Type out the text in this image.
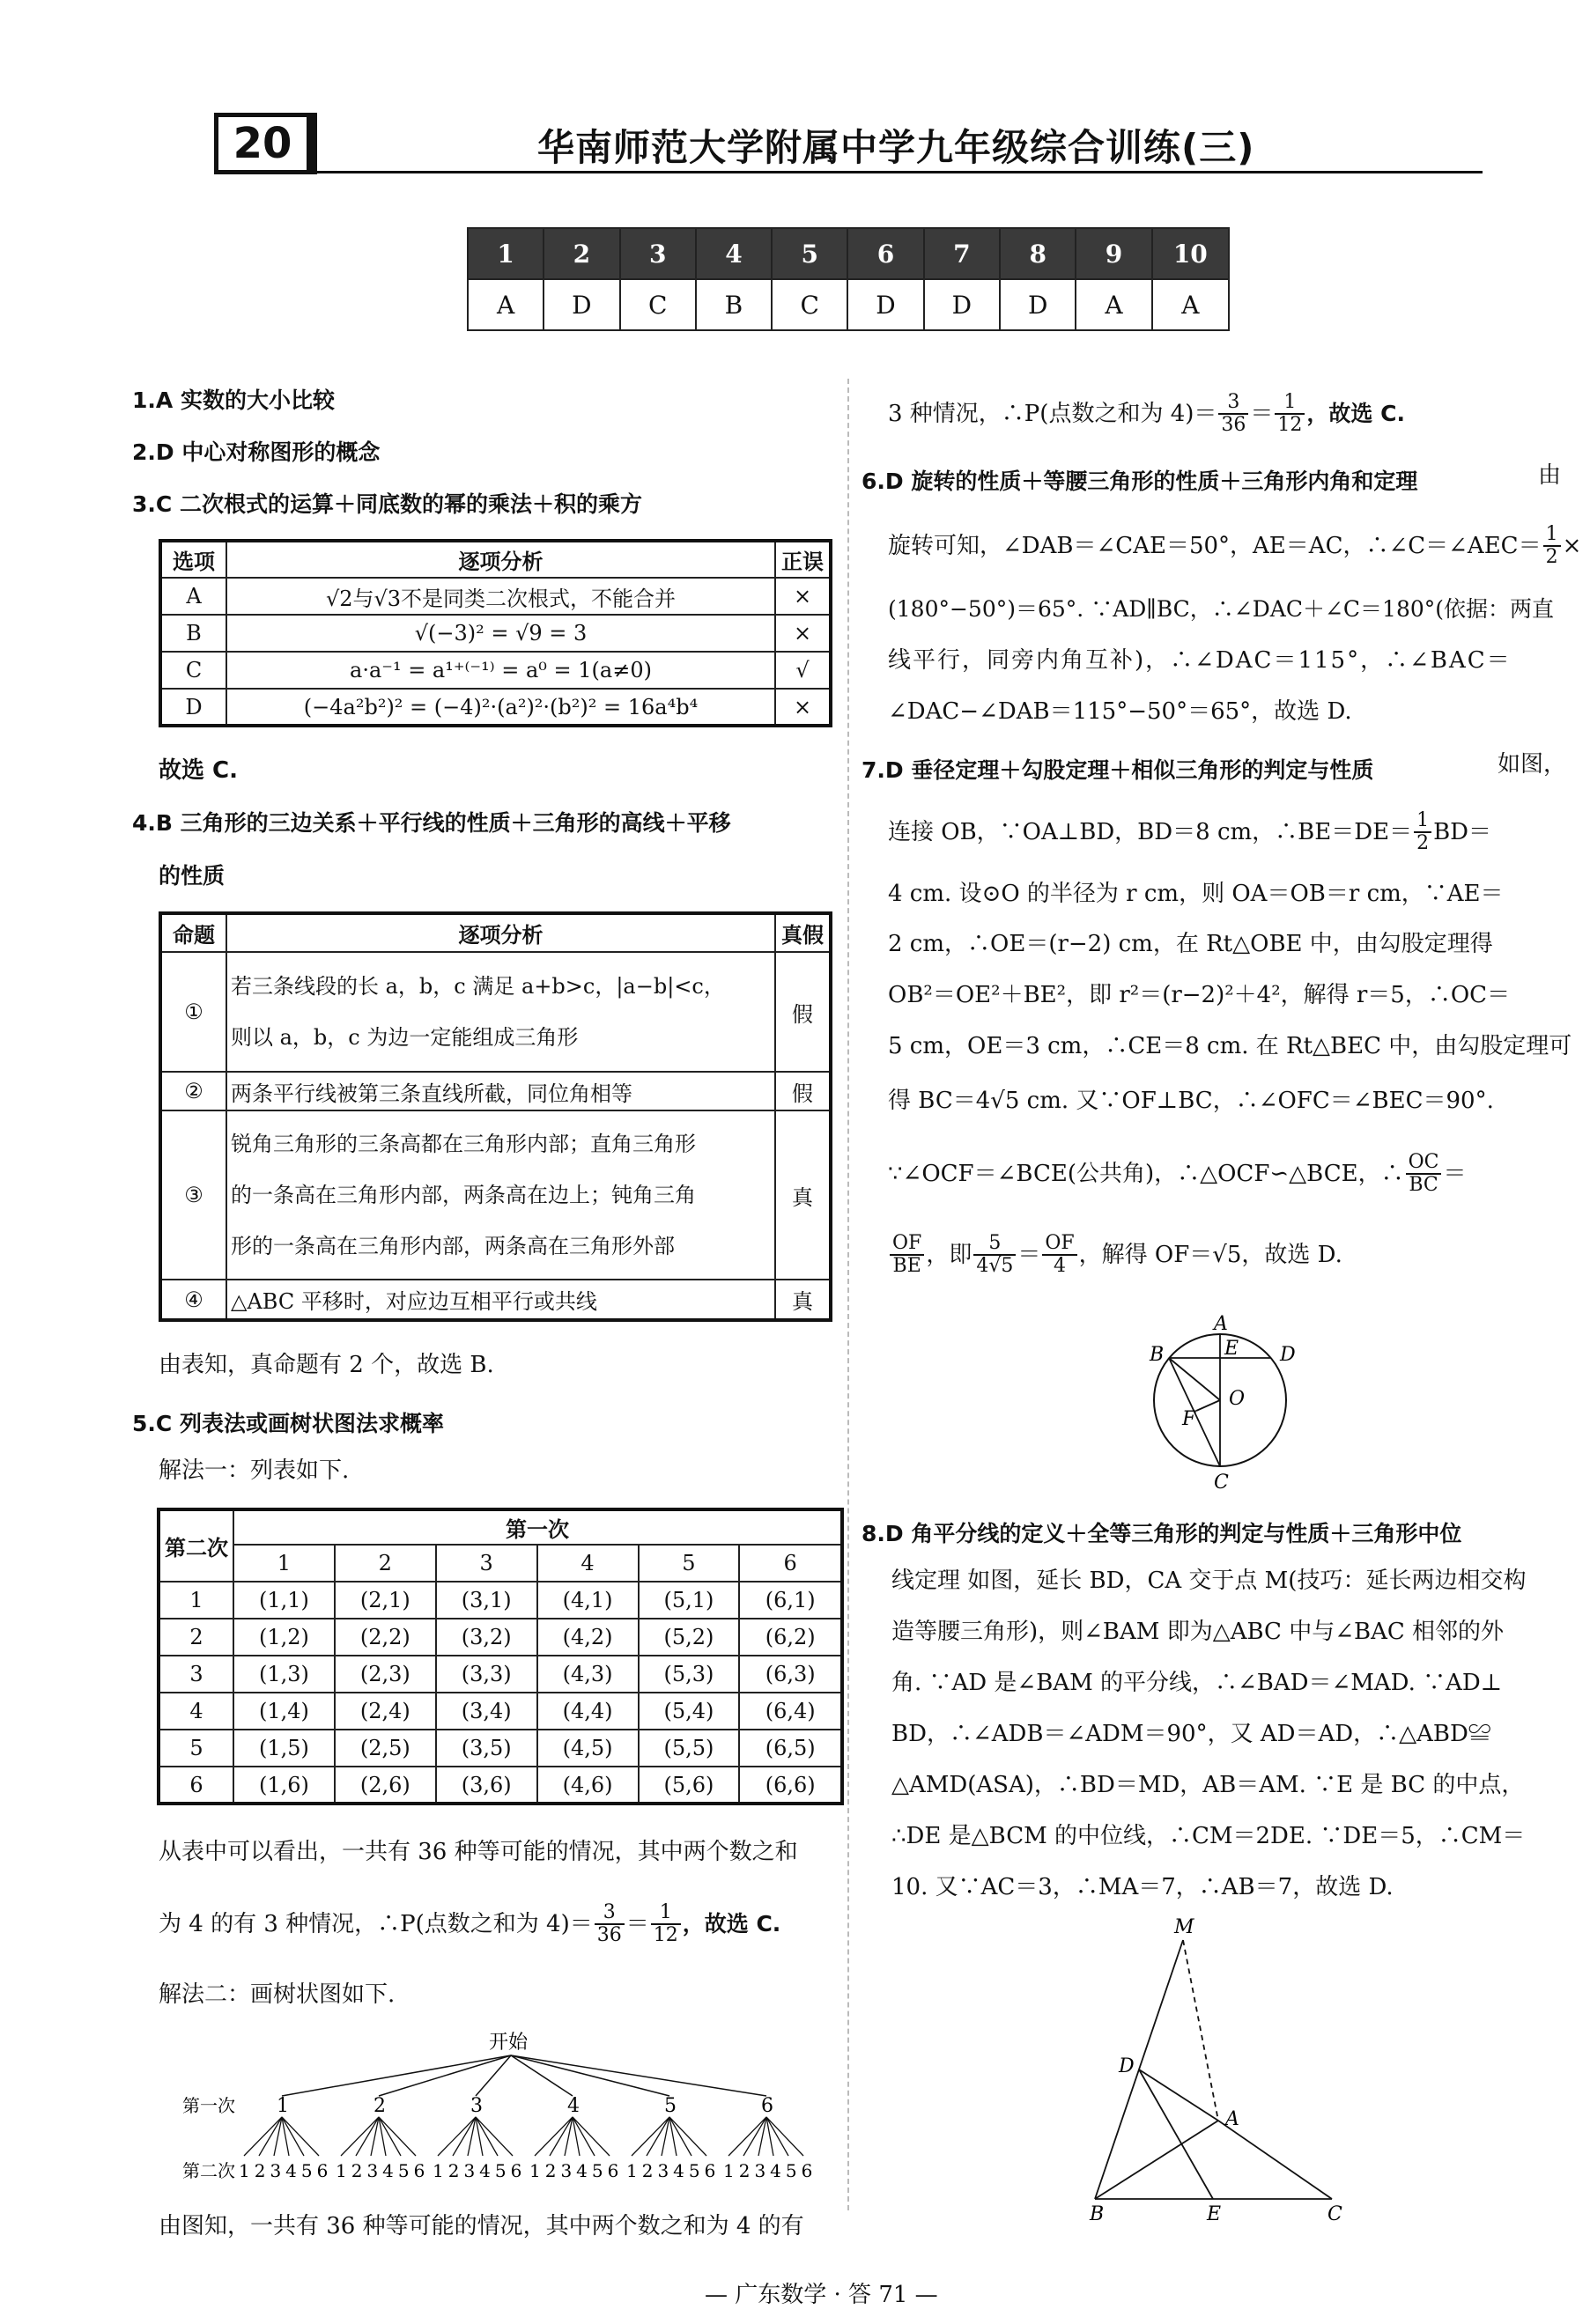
20	华南师范大学附属中学九年级综合训练(三)
1	2	3	4	5	6	7	8	9	10
A	D	C	B	C	D	D	D	A	A
1.A 实数的大小比较
2.D 中心对称图形的概念
3.C 二次根式的运算＋同底数的幂的乘法＋积的乘方
选项	逐项分析	正误
A	√2与√3不是同类二次根式，不能合并	×
B	√(−3)² = √9 = 3	×
C	a·a⁻¹ = a¹⁺⁽⁻¹⁾ = a⁰ = 1(a≠0)	√
D	(−4a²b²)² = (−4)²·(a²)²·(b²)² = 16a⁴b⁴	×
故选 C.
4.B 三角形的三边关系＋平行线的性质＋三角形的高线＋平移
的性质
命题	逐项分析	真假
①	若三条线段的长 a，b，c 满足 a+b>c，|a−b|<c，
则以 a，b，c 为边一定能组成三角形	假
②	两条平行线被第三条直线所截，同位角相等	假
③	锐角三角形的三条高都在三角形内部；直角三角形
的一条高在三角形内部，两条高在边上；钝角三角
形的一条高在三角形内部，两条高在三角形外部	真
④	△ABC 平移时，对应边互相平行或共线	真
由表知，真命题有 2 个，故选 B.
5.C 列表法或画树状图法求概率
解法一：列表如下.
第二次	第一次					
	1	2	3	4	5	6
1	(1,1)	(2,1)	(3,1)	(4,1)	(5,1)	(6,1)
2	(1,2)	(2,2)	(3,2)	(4,2)	(5,2)	(6,2)
3	(1,3)	(2,3)	(3,3)	(4,3)	(5,3)	(6,3)
4	(1,4)	(2,4)	(3,4)	(4,4)	(5,4)	(6,4)
5	(1,5)	(2,5)	(3,5)	(4,5)	(5,5)	(6,5)
6	(1,6)	(2,6)	(3,6)	(4,6)	(5,6)	(6,6)
从表中可以看出，一共有 36 种等可能的情况，其中两个数之和
为 4 的有 3 种情况，∴P(点数之和为 $4)= \frac{3}{36} = \frac{1}{12}$ ，故选 C.
解法二：画树状图如下.
开始
第一次 1	2	3	4	5	6
第二次 123456 123456 123456 123456 123456 123456
由图知，一共有 36 种等可能的情况，其中两个数之和为 4 的有
3 种情况，∴P(点数之和为 $4)= \frac{3}{36} = \frac{1}{12}$ ，故选 C.
6.D 旋转的性质＋等腰三角形的性质＋三角形内角和定理	由
旋转可知，∠DAB＝∠CAE＝50°，AE＝AC，∴∠C＝∠AEC＝ $\frac{1}{2}$ ×
(180°−50°)＝65°. ∵AD∥BC，∴∠DAC＋∠C＝180°(依据：两直
线平行，同旁内角互补)，∴∠DAC＝115°，∴∠BAC＝
∠DAC−∠DAB＝115°−50°＝65°，故选 D.
7.D 垂径定理＋勾股定理＋相似三角形的判定与性质	如图，
连接 OB，∵OA⊥BD，BD＝8 cm，∴BE＝DE＝ $\frac{1}{2} BD=$
4 cm. 设⊙O 的半径为 r cm，则 OA＝OB＝r cm，∵AE＝
2 cm，∴OE＝(r−2) cm，在 Rt△OBE 中，由勾股定理得
OB²＝OE²＋BE²，即 r²＝(r−2)²＋4²，解得 r＝5，∴OC＝
5 cm，OE＝3 cm，∴CE＝8 cm. 在 Rt△BEC 中，由勾股定理可
得 BC＝4√5 cm. 又∵OF⊥BC，∴∠OFC＝∠BEC＝90°.
∵∠OCF＝∠BCE(公共角)，∴△OCF∽△BCE，∴ $\frac{OC}{BC}$ ＝
$\frac{OF}{BE}$ ，即 $\frac{5}{4√5} = \frac{OF}{4}$ ，解得 OF＝√5，故选 D.
A
B	E D
O
F
C
8.D 角平分线的定义＋全等三角形的判定与性质＋三角形中位
线定理 如图，延长 BD，CA 交于点 M(技巧：延长两边相交构
造等腰三角形)，则∠BAM 即为△ABC 中与∠BAC 相邻的外
角. ∵AD 是∠BAM 的平分线，∴∠BAD＝∠MAD. ∵AD⊥
BD，∴∠ADB＝∠ADM＝90°，又 AD＝AD，∴△ABD≌
△AMD(ASA)，∴BD＝MD，AB＝AM. ∵E 是 BC 的中点，
∴DE 是△BCM 的中位线，∴CM＝2DE. ∵DE＝5，∴CM＝
10. 又∵AC＝3，∴MA＝7，∴AB＝7，故选 D.
M
D
A
B	E	C
— 广东数学 · 答 71 —
